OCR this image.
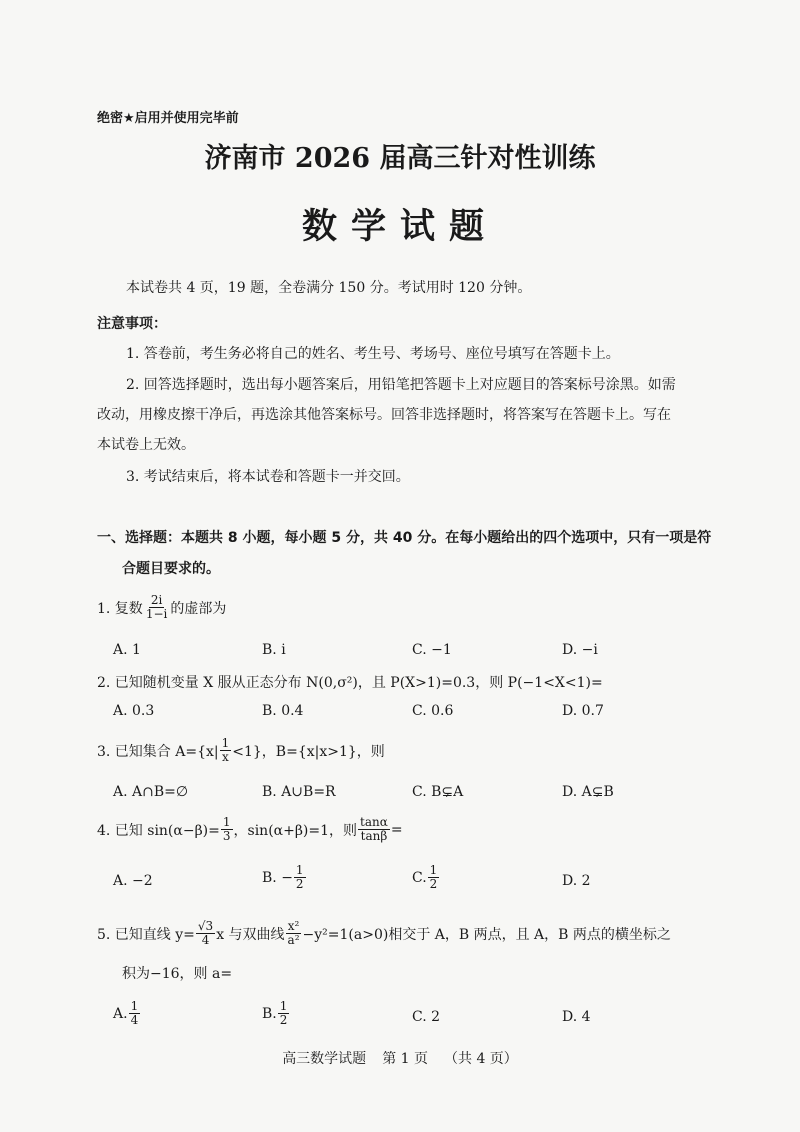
绝密★启用并使用完毕前
济南市 2026 届高三针对性训练
数学试题
本试卷共 4 页，19 题，全卷满分 150 分。考试用时 120 分钟。
注意事项：
1. 答卷前，考生务必将自己的姓名、考生号、考场号、座位号填写在答题卡上。
2. 回答选择题时，选出每小题答案后，用铅笔把答题卡上对应题目的答案标号涂黑。如需
改动，用橡皮擦干净后，再选涂其他答案标号。回答非选择题时，将答案写在答题卡上。写在
本试卷上无效。
3. 考试结束后，将本试卷和答题卡一并交回。
一、选择题：本题共 8 小题，每小题 5 分，共 40 分。在每小题给出的四个选项中，只有一项是符
合题目要求的。
1. 复数 $\frac{2i}{1-i}$ 的虚部为
A. 1	B. i	C. −1	D. −i
2. 已知随机变量 X 服从正态分布 N(0,σ²)，且 P(X>1)=0.3，则 P(−1<X<1)=
A. 0.3	B. 0.4	C. 0.6	D. 0.7
3. 已知集合 $A=\{x| \frac{1}{x} <1\}$，B={x|x>1}，则
A. A∩B=∅	B. A∪B=R	C. B⊊A	D. A⊊B
4. 已知 $\sin(\alpha-\beta)= \frac{1}{3}$ ，sin(α+β)=1，则 $\frac{\tan\alpha}{\tan\beta}$ =
A. −2	B. − $\frac{1}{2}$	C. $\frac{1}{2}$	D. 2
5. 已知直线 $y= \frac{√3}{4}$ x 与双曲线 $\frac{\text{x²}}{\text{a²}} -y^2=1(a>0)$相交于 A，B 两点，且 A，B 两点的横坐标之
积为−16，则 a=
A. $\frac{1}{4}$	B. $\frac{1}{2}$	C. 2	D. 4
高三数学试题 第 1 页 （共 4 页）
